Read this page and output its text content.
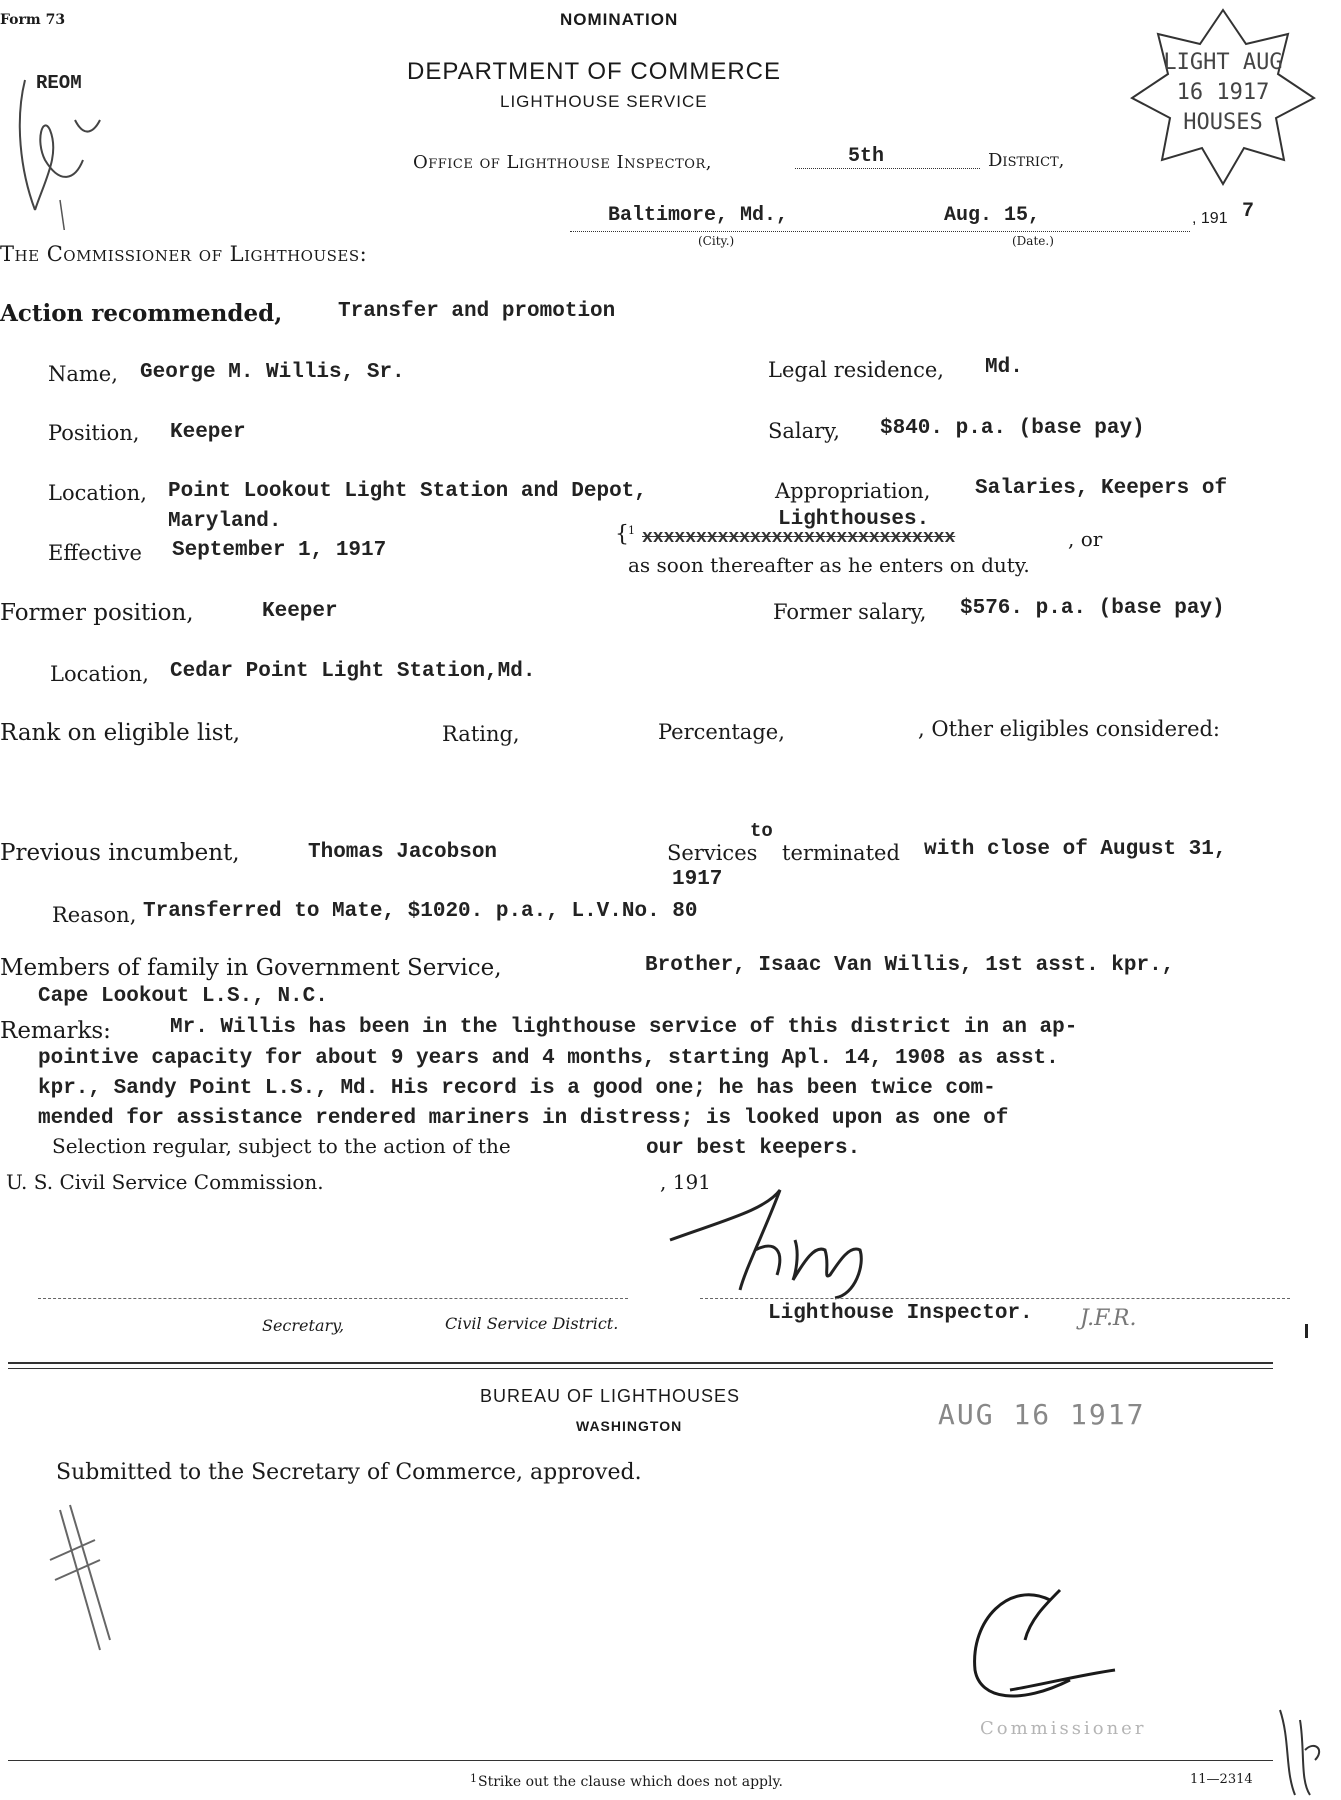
Form 73
REOM
NOMINATION
DEPARTMENT OF COMMERCE
LIGHTHOUSE SERVICE
LIGHT AUG 16 1917 HOUSES
Office of Lighthouse Inspector,	5th	District,
Baltimore, Md.,
(City.)
Aug. 15,
(Date.)
, 191 7
The Commissioner of Lighthouses:
Action recommended,	Transfer and promotion
Name, George M. Willis, Sr.	Legal residence, Md.
Position, Keeper	Salary, $840. p.a. (base pay)
Location, Point Lookout Light Station and Depot,
Maryland.
Appropriation, Salaries, Keepers of
Lighthouses.
Effective September 1, 1917
{ 1 xxxxxxxxxxxxxxxxxxxxxxxxxxxxx	, or
as soon thereafter as he enters on duty.
Former position,	Keeper	Former salary, $576. p.a. (base pay)
Location, Cedar Point Light Station,Md.
Rank on eligible list,	Rating,	Percentage,	, Other eligibles considered:
Previous incumbent,	Thomas Jacobson	Services
to
terminated with close of August 31,
1917
Reason, Transferred to Mate, $1020. p.a., L.V.No. 80
Members of family in Government Service,	Brother, Isaac Van Willis, 1st asst. kpr.,
Cape Lookout L.S., N.C.
Remarks:	Mr. Willis has been in the lighthouse service of this district in an ap-
pointive capacity for about 9 years and 4 months, starting Apl. 14, 1908 as asst.
kpr., Sandy Point L.S., Md. His record is a good one; he has been twice com-
mended for assistance rendered mariners in distress; is looked upon as one of
our best keepers.
Selection regular, subject to the action of the
U. S. Civil Service Commission.	, 191
Secretary,	Civil Service District.	Lighthouse Inspector. J.F.R.
BUREAU OF LIGHTHOUSES
WASHINGTON	AUG 16 1917
Submitted to the Secretary of Commerce, approved.
Commissioner
1 Strike out the clause which does not apply.	11—2314
